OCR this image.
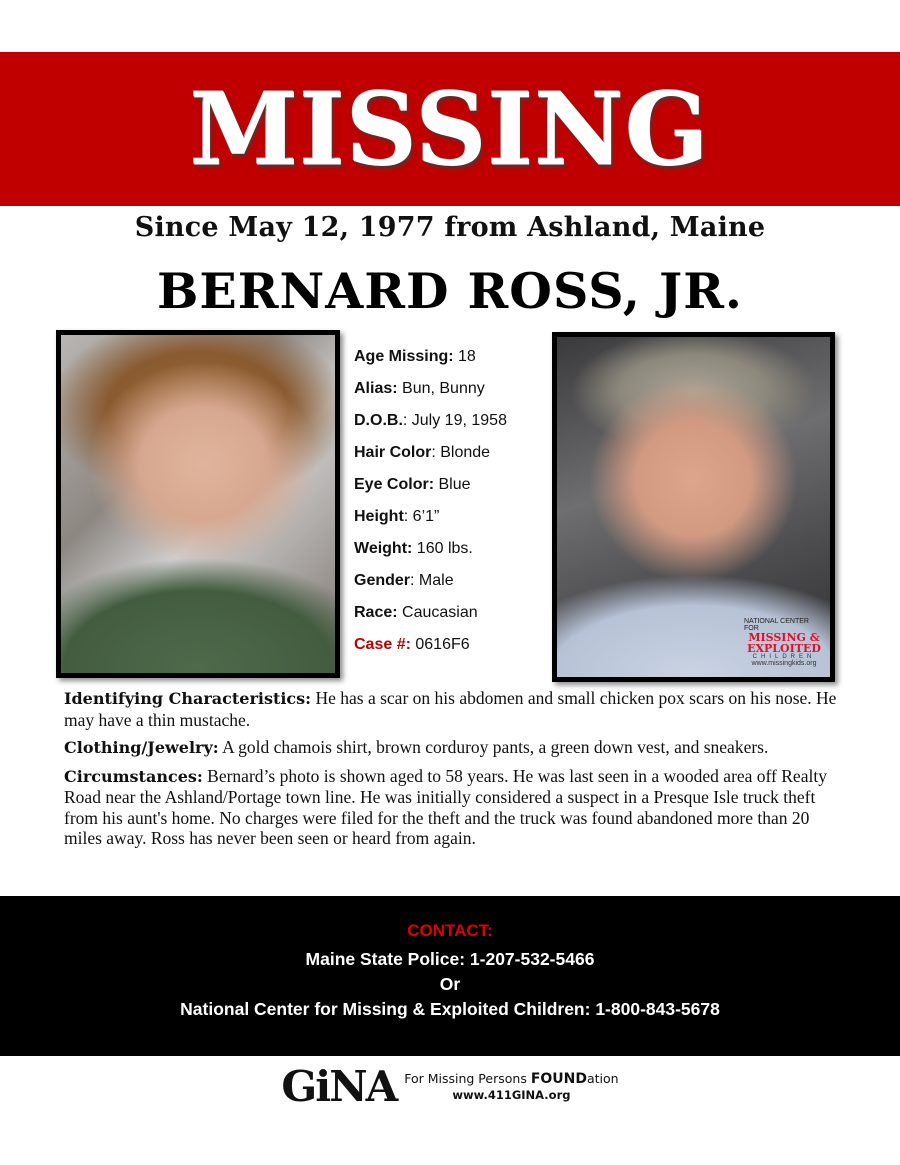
MISSING
Since May 12, 1977 from Ashland, Maine
BERNARD ROSS, JR.
Age Missing: 18
Alias: Bun, Bunny
D.O.B.: July 19, 1958
Hair Color: Blonde
Eye Color: Blue
Height: 6’1”
Weight: 160 lbs.
Gender: Male
Race: Caucasian
Case #: 0616F6
NATIONAL CENTER FOR
MISSING &
EXPLOITED
CHILDREN
www.missingkids.org

Identifying Characteristics: He has a scar on his abdomen and small chicken pox scars on his nose. He may have a thin mustache.

Clothing/Jewelry: A gold chamois shirt, brown corduroy pants, a green down vest, and sneakers.

Circumstances: Bernard’s photo is shown aged to 58 years. He was last seen in a wooded area off Realty Road near the Ashland/Portage town line. He was initially considered a suspect in a Presque Isle truck theft from his aunt's home. No charges were filed for the theft and the truck was found abandoned more than 20 miles away. Ross has never been seen or heard from again.

CONTACT:
Maine State Police: 1-207-532-5466
Or
National Center for Missing & Exploited Children: 1-800-843-5678
GiNA For Missing Persons FOUNDation
www.411GINA.org
